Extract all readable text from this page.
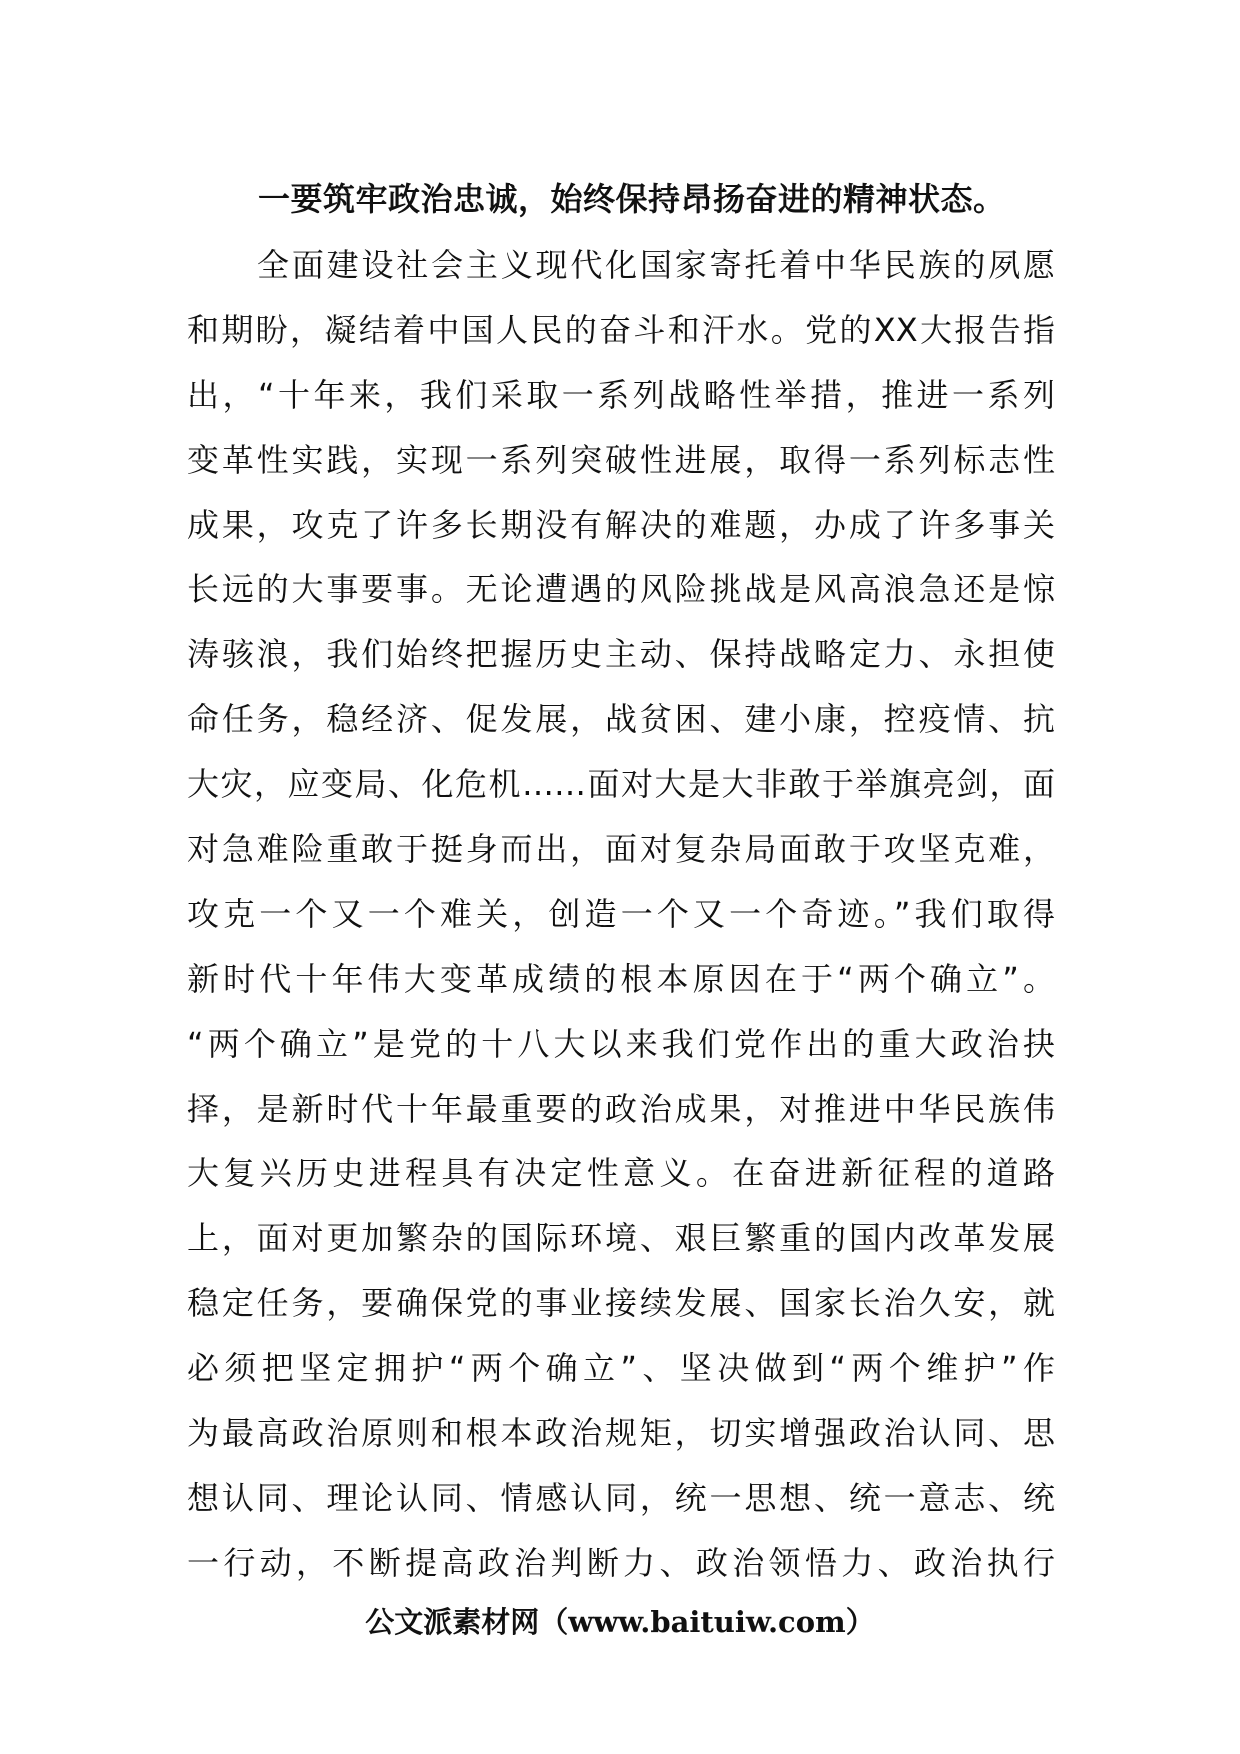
一要筑牢政治忠诚，始终保持昂扬奋进的精神状态。
全面建设社会主义现代化国家寄托着中华民族的夙愿
和期盼，凝结着中国人民的奋斗和汗水。党的XX大报告指
出，“十年来，我们采取一系列战略性举措，推进一系列
变革性实践，实现一系列突破性进展，取得一系列标志性
成果，攻克了许多长期没有解决的难题，办成了许多事关
长远的大事要事。无论遭遇的风险挑战是风高浪急还是惊
涛骇浪，我们始终把握历史主动、保持战略定力、永担使
命任务，稳经济、促发展，战贫困、建小康，控疫情、抗
大灾，应变局、化危机……面对大是大非敢于举旗亮剑，面
对急难险重敢于挺身而出，面对复杂局面敢于攻坚克难，
攻克一个又一个难关，创造一个又一个奇迹。”我们取得
新时代十年伟大变革成绩的根本原因在于“两个确立”。
“两个确立”是党的十八大以来我们党作出的重大政治抉
择，是新时代十年最重要的政治成果，对推进中华民族伟
大复兴历史进程具有决定性意义。在奋进新征程的道路
上，面对更加繁杂的国际环境、艰巨繁重的国内改革发展
稳定任务，要确保党的事业接续发展、国家长治久安，就
必须把坚定拥护“两个确立”、坚决做到“两个维护”作
为最高政治原则和根本政治规矩，切实增强政治认同、思
想认同、理论认同、情感认同，统一思想、统一意志、统
一行动，不断提高政治判断力、政治领悟力、政治执行
公文派素材网（www.baituiw.com）
